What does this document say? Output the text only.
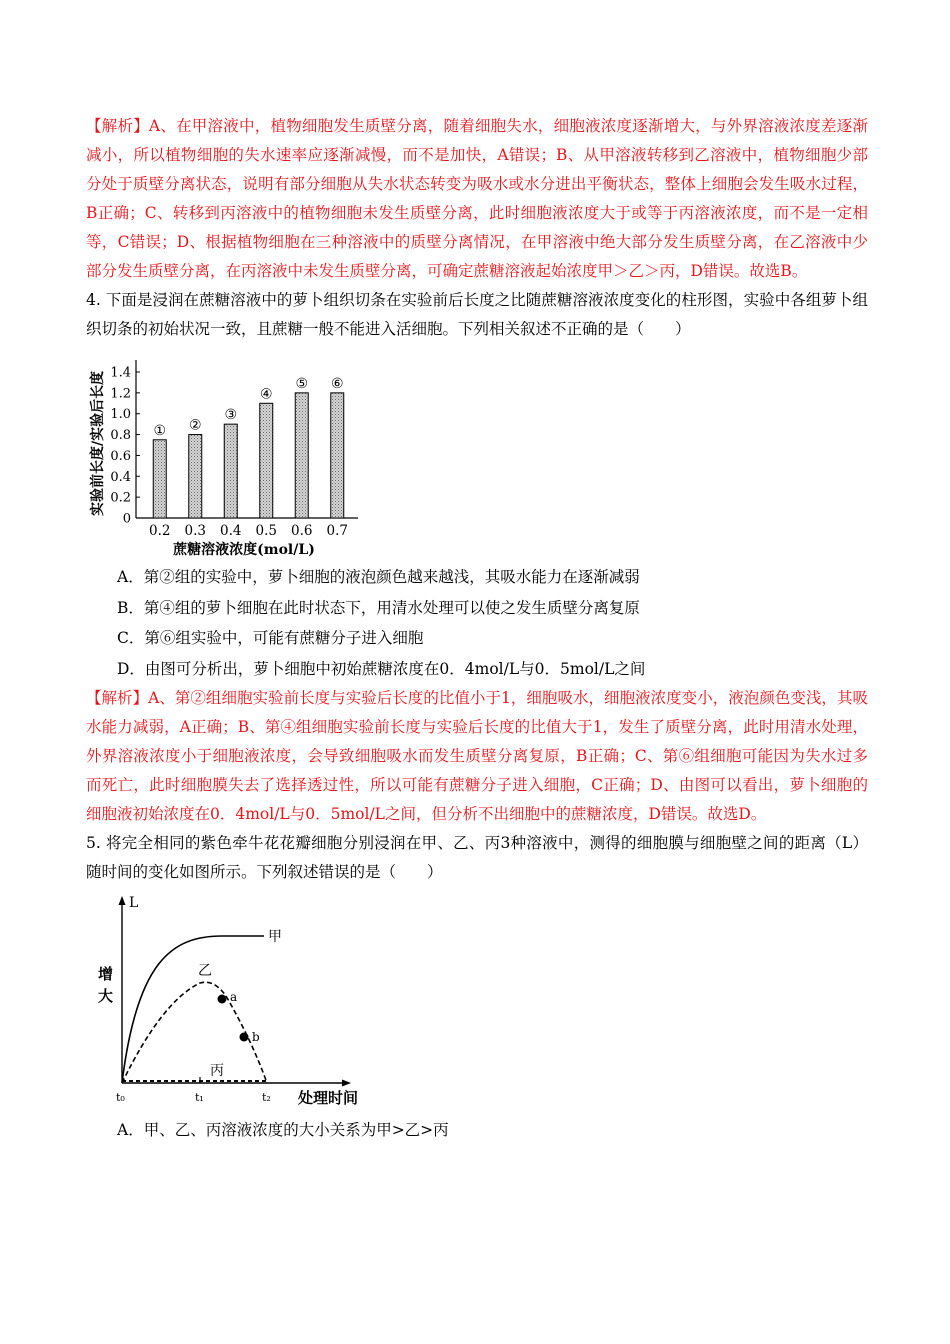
【解析】A、在甲溶液中，植物细胞发生质壁分离，随着细胞失水，细胞液浓度逐渐增大，与外界溶液浓度差逐渐减小，所以植物细胞的失水速率应逐渐减慢，而不是加快，A错误；B、从甲溶液转移到乙溶液中，植物细胞少部分处于质壁分离状态，说明有部分细胞从失水状态转变为吸水或水分进出平衡状态，整体上细胞会发生吸水过程，B正确；C、转移到丙溶液中的植物细胞未发生质壁分离，此时细胞液浓度大于或等于丙溶液浓度，而不是一定相等，C错误；D、根据植物细胞在三种溶液中的质壁分离情况，在甲溶液中绝大部分发生质壁分离，在乙溶液中少部分发生质壁分离，在丙溶液中未发生质壁分离，可确定蔗糖溶液起始浓度甲＞乙＞丙，D错误。故选B。

4. 下面是浸润在蔗糖溶液中的萝卜组织切条在实验前后长度之比随蔗糖溶液浓度变化的柱形图，实验中各组萝卜组织切条的初始状况一致，且蔗糖一般不能进入活细胞。下列相关叙述不正确的是（　　）

0
0.2
0.4
0.6
0.8
1.0
1.2
1.4
实验前长度/实验后长度	①
0.2
②
0.3
③
0.4
④
0.5
⑤
0.6
⑥
0.7
蔗糖溶液浓度(mol/L)

A．第②组的实验中，萝卜细胞的液泡颜色越来越浅，其吸水能力在逐渐减弱

B．第④组的萝卜细胞在此时状态下，用清水处理可以使之发生质壁分离复原

C．第⑥组实验中，可能有蔗糖分子进入细胞

D．由图可分析出，萝卜细胞中初始蔗糖浓度在0．4mol/L与0．5mol/L之间

【解析】A、第②组细胞实验前长度与实验后长度的比值小于1，细胞吸水，细胞液浓度变小，液泡颜色变浅，其吸水能力减弱，A正确；B、第④组细胞实验前长度与实验后长度的比值大于1，发生了质壁分离，此时用清水处理，外界溶液浓度小于细胞液浓度，会导致细胞吸水而发生质壁分离复原，B正确；C、第⑥组细胞可能因为失水过多而死亡，此时细胞膜失去了选择透过性，所以可能有蔗糖分子进入细胞，C正确；D、由图可以看出，萝卜细胞的细胞液初始浓度在0．4mol/L与0．5mol/L之间，但分析不出细胞中的蔗糖浓度，D错误。故选D。

5. 将完全相同的紫色牵牛花花瓣细胞分别浸润在甲、乙、丙3种溶液中，测得的细胞膜与细胞壁之间的距离（L）随时间的变化如图所示。下列叙述错误的是（　　）

L
增
大
甲
乙
a
b
丙
t₀	t₁	t₂ 处理时间

A．甲、乙、丙溶液浓度的大小关系为甲>乙>丙
